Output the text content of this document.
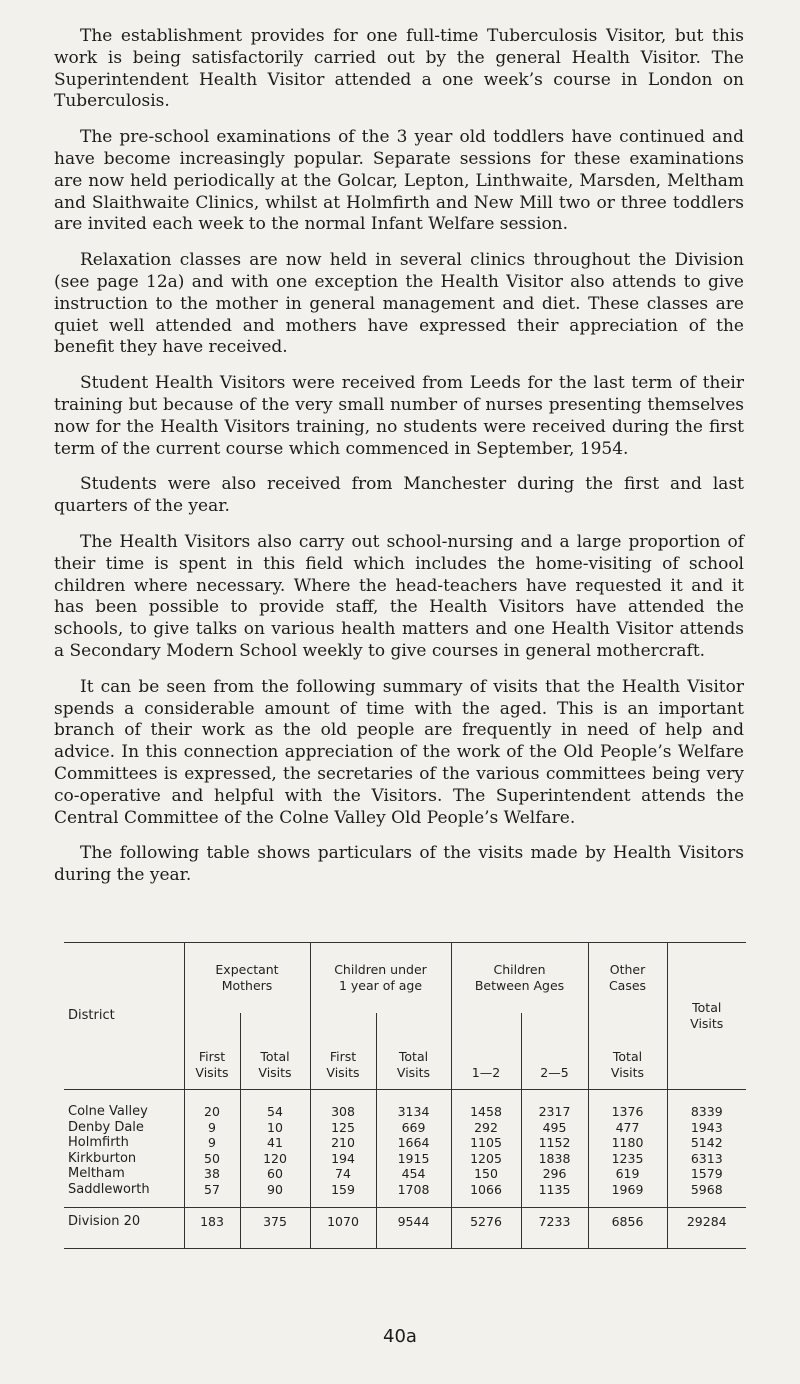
The establishment provides for one full-time Tuberculosis Visitor, but this work is being satisfactorily carried out by the general Health Visitor. The Superintendent Health Visitor attended a one week’s course in London on Tuberculosis.

The pre-school examinations of the 3 year old toddlers have continued and have become increasingly popular. Separate sessions for these examinations are now held periodically at the Golcar, Lepton, Linthwaite, Marsden, Meltham and Slaithwaite Clinics, whilst at Holmfirth and New Mill two or three toddlers are invited each week to the normal Infant Welfare session.

Relaxation classes are now held in several clinics throughout the Division (see page 12a) and with one exception the Health Visitor also attends to give instruction to the mother in general management and diet. These classes are quiet well attended and mothers have expressed their appreciation of the benefit they have received.

Student Health Visitors were received from Leeds for the last term of their training but because of the very small number of nurses presenting themselves now for the Health Visitors training, no students were received during the first term of the current course which commenced in September, 1954.

Students were also received from Manchester during the first and last quarters of the year.

The Health Visitors also carry out school-nursing and a large proportion of their time is spent in this field which includes the home-visiting of school children where necessary. Where the head-teachers have requested it and it has been possible to provide staff, the Health Visitors have attended the schools, to give talks on various health matters and one Health Visitor attends a Secondary Modern School weekly to give courses in general mothercraft.

It can be seen from the following summary of visits that the Health Visitor spends a considerable amount of time with the aged. This is an important branch of their work as the old people are frequently in need of help and advice. In this connection appreciation of the work of the Old People’s Welfare Committees is expressed, the secretaries of the various committees being very co-operative and helpful with the Visitors. The Superintendent attends the Central Committee of the Colne Valley Old People’s Welfare.

The following table shows particulars of the visits made by Health Visitors during the year.

District	Expectant Mothers		Children under 1 year of age		Children Between Ages		Other Cases	Total Visits
	First Visits	Total Visits	First Visits	Total Visits	1—2	2—5	Total Visits	
Colne Valley	20	54	308	3134	1458	2317	1376	8339
Denby Dale	9	10	125	669	292	495	477	1943
Holmfirth	9	41	210	1664	1105	1152	1180	5142
Kirkburton	50	120	194	1915	1205	1838	1235	6313
Meltham	38	60	74	454	150	296	619	1579
Saddleworth	57	90	159	1708	1066	1135	1969	5968
Division 20	183	375	1070	9544	5276	7233	6856	29284
40a
